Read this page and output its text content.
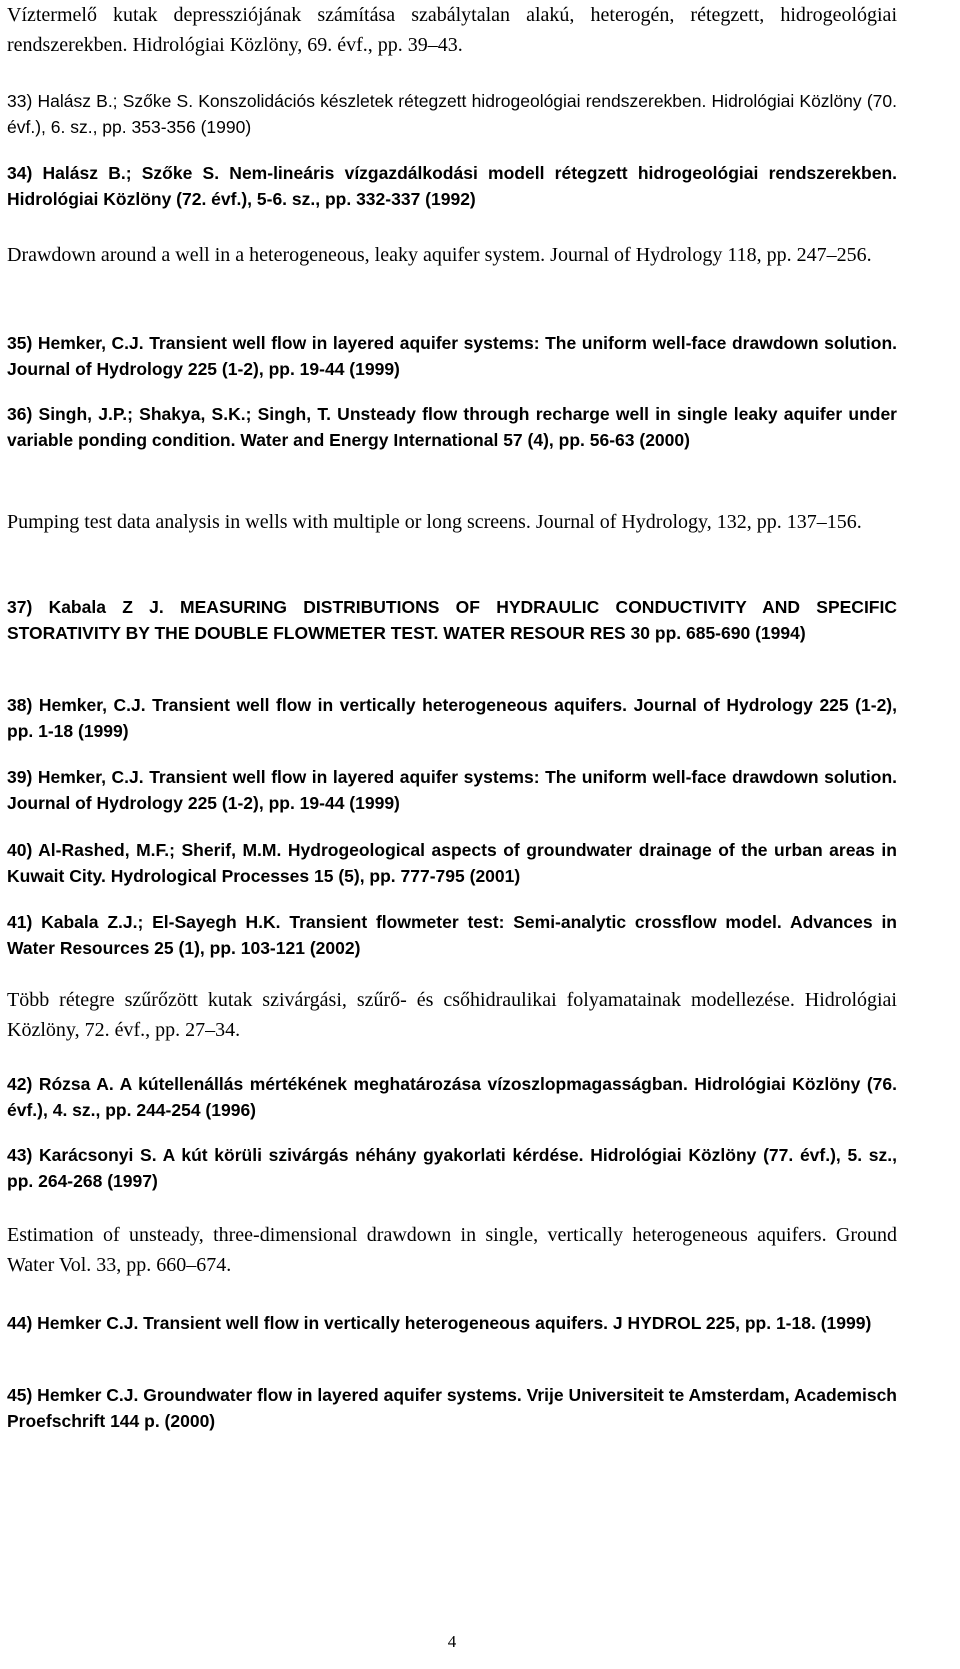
Víztermelő kutak depressziójának számítása szabálytalan alakú, heterogén, rétegzett, hidrogeológiai rendszerekben. Hidrológiai Közlöny, 69. évf., pp. 39–43.
33) Halász B.; Szőke S. Konszolidációs készletek rétegzett hidrogeológiai rendszerekben. Hidrológiai Közlöny (70. évf.), 6. sz., pp. 353-356 (1990)
34) Halász B.; Szőke S. Nem-lineáris vízgazdálkodási modell rétegzett hidrogeológiai rendszerekben. Hidrológiai Közlöny (72. évf.), 5-6. sz., pp. 332-337 (1992)
Drawdown around a well in a heterogeneous, leaky aquifer system. Journal of Hydrology 118, pp. 247–256.
35) Hemker, C.J. Transient well flow in layered aquifer systems: The uniform well-face drawdown solution. Journal of Hydrology 225 (1-2), pp. 19-44 (1999)
36) Singh, J.P.; Shakya, S.K.; Singh, T. Unsteady flow through recharge well in single leaky aquifer under variable ponding condition. Water and Energy International 57 (4), pp. 56-63 (2000)
Pumping test data analysis in wells with multiple or long screens. Journal of Hydrology, 132, pp. 137–156.
37) Kabala Z J. MEASURING DISTRIBUTIONS OF HYDRAULIC CONDUCTIVITY AND SPECIFIC STORATIVITY BY THE DOUBLE FLOWMETER TEST. WATER RESOUR RES 30 pp. 685-690 (1994)
38) Hemker, C.J. Transient well flow in vertically heterogeneous aquifers. Journal of Hydrology 225 (1-2), pp. 1-18 (1999)
39) Hemker, C.J. Transient well flow in layered aquifer systems: The uniform well-face drawdown solution. Journal of Hydrology 225 (1-2), pp. 19-44 (1999)
40) Al-Rashed, M.F.; Sherif, M.M. Hydrogeological aspects of groundwater drainage of the urban areas in Kuwait City. Hydrological Processes 15 (5), pp. 777-795 (2001)
41) Kabala Z.J.; El-Sayegh H.K. Transient flowmeter test: Semi-analytic crossflow model. Advances in Water Resources 25 (1), pp. 103-121 (2002)
Több rétegre szűrőzött kutak szivárgási, szűrő- és csőhidraulikai folyamatainak modellezése. Hidrológiai Közlöny, 72. évf., pp. 27–34.
42) Rózsa A. A kútellenállás mértékének meghatározása vízoszlopmagasságban. Hidrológiai Közlöny (76. évf.), 4. sz., pp. 244-254 (1996)
43) Karácsonyi S. A kút körüli szivárgás néhány gyakorlati kérdése. Hidrológiai Közlöny (77. évf.), 5. sz., pp. 264-268 (1997)
Estimation of unsteady, three-dimensional drawdown in single, vertically heterogeneous aquifers. Ground Water Vol. 33, pp. 660–674.
44) Hemker C.J. Transient well flow in vertically heterogeneous aquifers. J HYDROL 225, pp. 1-18. (1999)
45) Hemker C.J. Groundwater flow in layered aquifer systems. Vrije Universiteit te Amsterdam, Academisch Proefschrift 144 p. (2000)
4
